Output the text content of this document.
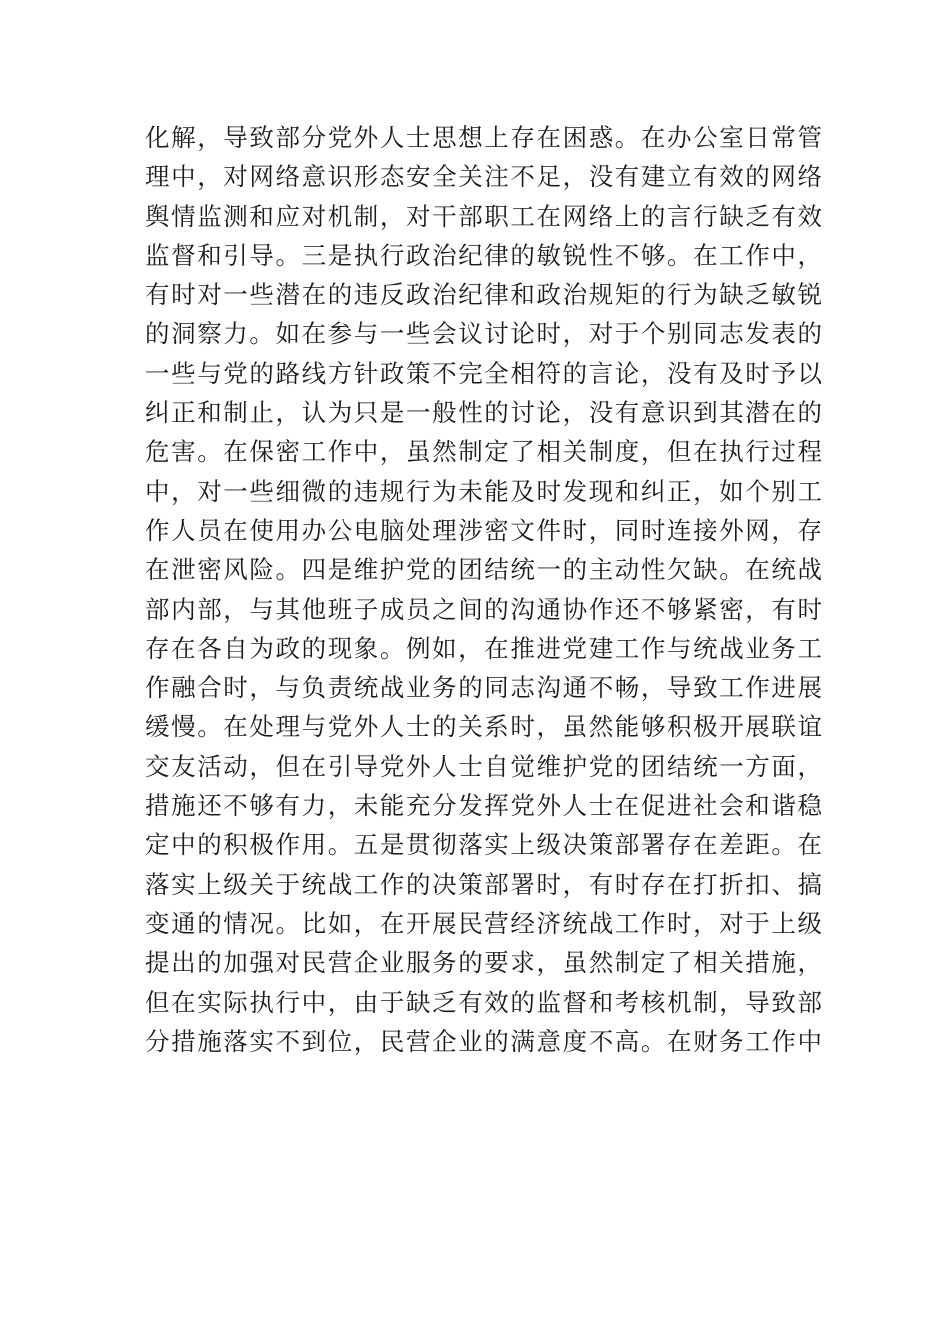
化解，导致部分党外人士思想上存在困惑。在办公室日常管
理中，对网络意识形态安全关注不足，没有建立有效的网络
舆情监测和应对机制，对干部职工在网络上的言行缺乏有效
监督和引导。三是执行政治纪律的敏锐性不够。在工作中，
有时对一些潜在的违反政治纪律和政治规矩的行为缺乏敏锐
的洞察力。如在参与一些会议讨论时，对于个别同志发表的
一些与党的路线方针政策不完全相符的言论，没有及时予以
纠正和制止，认为只是一般性的讨论，没有意识到其潜在的
危害。在保密工作中，虽然制定了相关制度，但在执行过程
中，对一些细微的违规行为未能及时发现和纠正，如个别工
作人员在使用办公电脑处理涉密文件时，同时连接外网，存
在泄密风险。四是维护党的团结统一的主动性欠缺。在统战
部内部，与其他班子成员之间的沟通协作还不够紧密，有时
存在各自为政的现象。例如，在推进党建工作与统战业务工
作融合时，与负责统战业务的同志沟通不畅，导致工作进展
缓慢。在处理与党外人士的关系时，虽然能够积极开展联谊
交友活动，但在引导党外人士自觉维护党的团结统一方面，
措施还不够有力，未能充分发挥党外人士在促进社会和谐稳
定中的积极作用。五是贯彻落实上级决策部署存在差距。在
落实上级关于统战工作的决策部署时，有时存在打折扣、搞
变通的情况。比如，在开展民营经济统战工作时，对于上级
提出的加强对民营企业服务的要求，虽然制定了相关措施，
但在实际执行中，由于缺乏有效的监督和考核机制，导致部
分措施落实不到位，民营企业的满意度不高。在财务工作中
